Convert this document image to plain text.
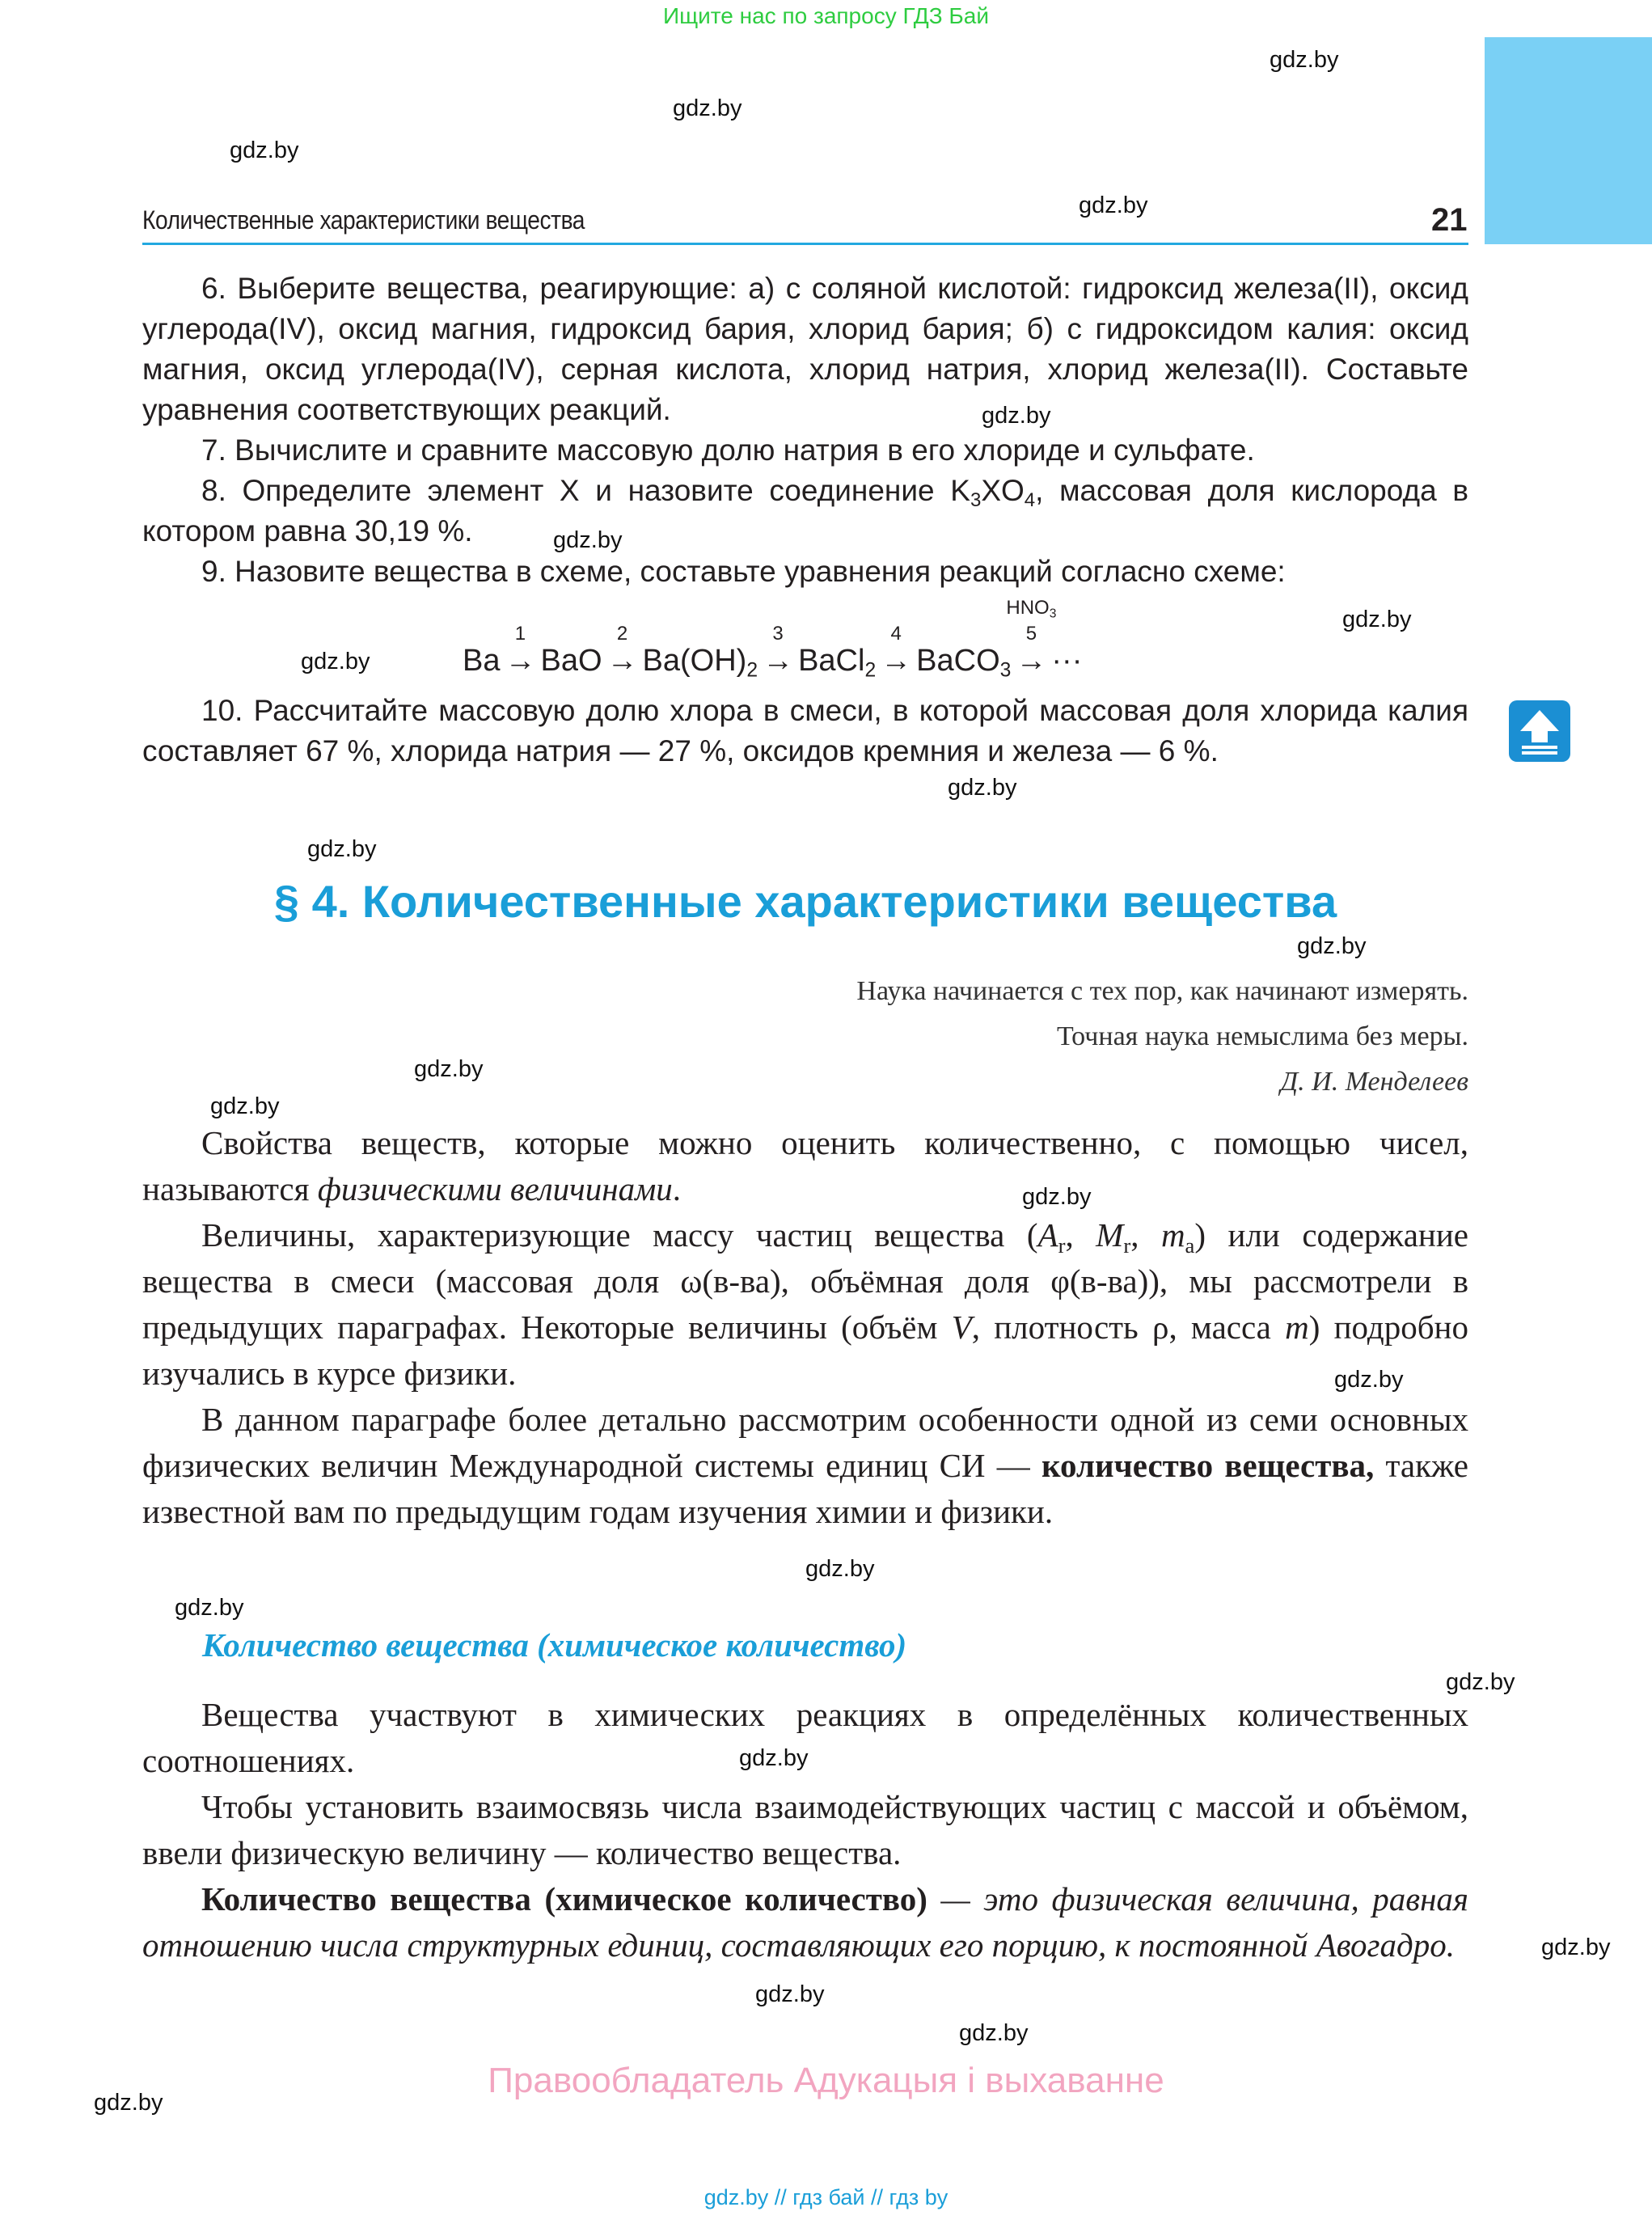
Ищите нас по запросу ГДЗ Бай
gdz.by
gdz.by
gdz.by
gdz.by
gdz.by
gdz.by
gdz.by
gdz.by
gdz.by
gdz.by
gdz.by
gdz.by
gdz.by
gdz.by
gdz.by
gdz.by
gdz.by
gdz.by
gdz.by
gdz.by
gdz.by
gdz.by
gdz.by
Количественные характеристики вещества	21

6. Выберите вещества, реагирующие: а) с соляной кислотой: гидроксид железа(II), оксид углерода(IV), оксид магния, гидроксид бария, хлорид бария; б) с гидроксидом калия: оксид магния, оксид углерода(IV), серная кислота, хлорид натрия, хлорид железа(II). Составьте уравнения соответствующих реакций.

7. Вычислите и сравните массовую долю натрия в его хлориде и сульфате.

8. Определите элемент X и назовите соединение $K_3XO_4$, массовая доля кислорода в котором равна 30,19 %.

9. Назовите вещества в схеме, составьте уравнения реакций согласно схеме:

Ba
1
→ BaO
2
→ $Ba(OH)_2$
3
→ BaCl$_2$
4
→ BaCO$_3$
$HNO_3$
5
→ ···

10. Рассчитайте массовую долю хлора в смеси, в которой массовая доля хлорида калия составляет 67 %, хлорида натрия — 27 %, оксидов кремния и железа — 6 %.

§ 4. Количественные характеристики вещества
Наука начинается с тех пор, как начинают измерять.
Точная наука немыслима без меры.
Д. И. Менделеев

Свойства веществ, которые можно оценить количественно, с помощью чисел, называются физическими величинами.

Величины, характеризующие массу частиц вещества ($A_r$, $M_r$, $m_a$) или содержание вещества в смеси (массовая доля ω(в-ва), объёмная доля φ(в-ва)), мы рассмотрели в предыдущих параграфах. Некоторые величины (объём V, плотность ρ, масса m) подробно изучались в курсе физики.

В данном параграфе более детально рассмотрим особенности одной из семи основных физических величин Международной системы единиц СИ — количество вещества, также известной вам по предыдущим годам изучения химии и физики.

Количество вещества (химическое количество)

Вещества участвуют в химических реакциях в определённых количественных соотношениях.

Чтобы установить взаимосвязь числа взаимодействующих частиц с массой и объёмом, ввели физическую величину — количество вещества.

Количество вещества (химическое количество) — это физическая величина, равная отношению числа структурных единиц, составляющих его порцию, к постоянной Авогадро.

Правообладатель Адукацыя і выхаванне
gdz.by // гдз бай // гдз by
